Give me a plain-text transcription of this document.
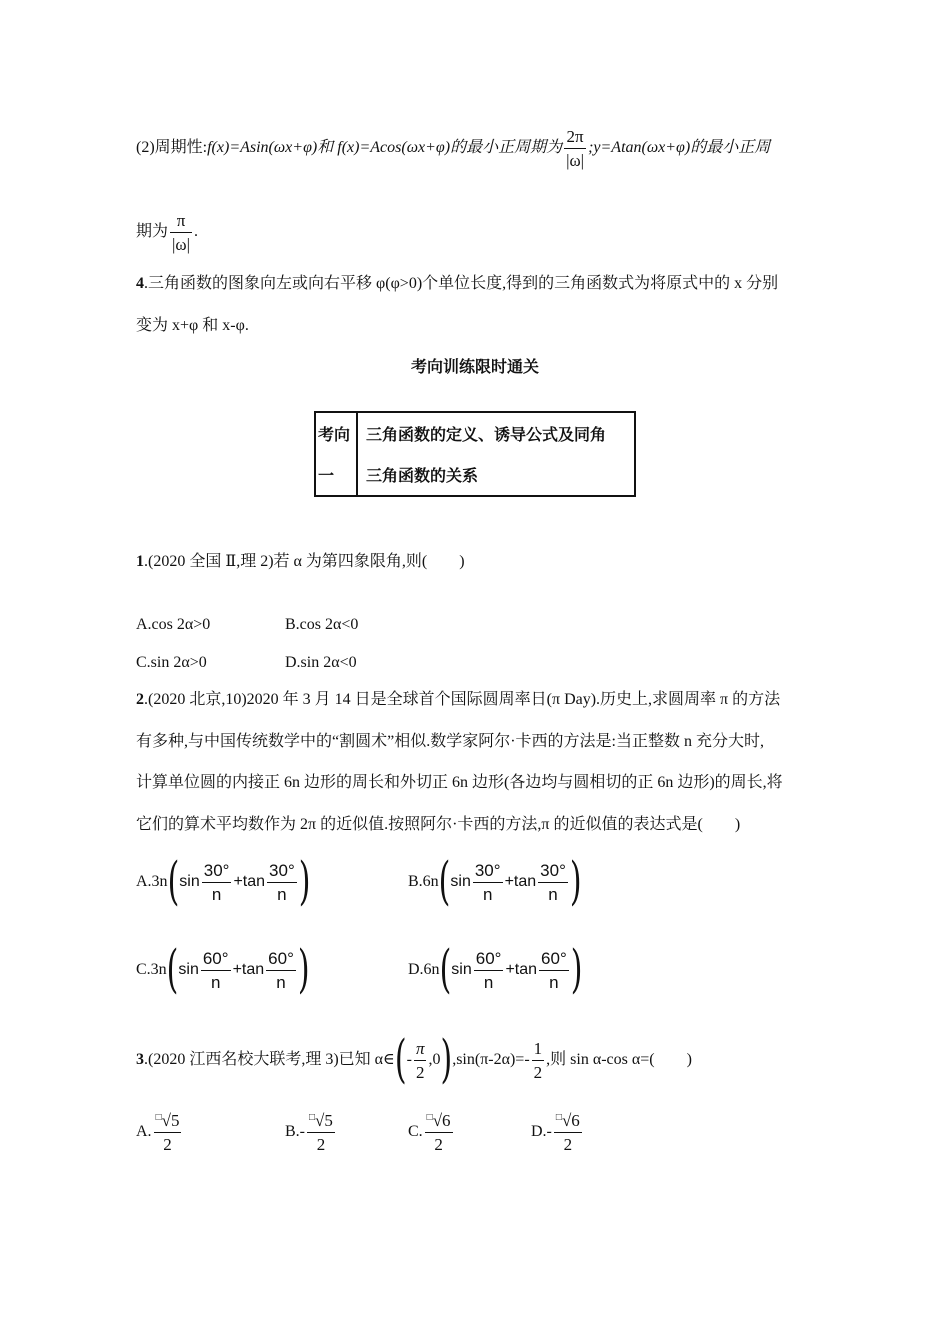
(2)周期性:f(x)=Asin(ωx+φ)和 f(x)=Acos(ωx+φ)的最小正周期为 $\frac{2\pi}{|\omega|}$ ;y=Atan(ωx+φ)的最小正周
期为 $\frac{\pi}{|\omega|}$ .
4.三角函数的图象向左或向右平移 φ(φ>0)个单位长度,得到的三角函数式为将原式中的 x 分别
变为 x+φ 和 x-φ.
考向训练限时通关
考向
一
三角函数的定义、诱导公式及同角
三角函数的关系
1.(2020 全国 Ⅱ,理 2)若 α 为第四象限角,则(　　)
A.cos 2α>0	B.cos 2α<0
C.sin 2α>0	D.sin 2α<0
2.(2020 北京,10)2020 年 3 月 14 日是全球首个国际圆周率日(π Day).历史上,求圆周率 π 的方法
有多种,与中国传统数学中的“割圆术”相似.数学家阿尔·卡西的方法是:当正整数 n 充分大时,
计算单位圆的内接正 6n 边形的周长和外切正 6n 边形(各边均与圆相切的正 6n 边形)的周长,将
它们的算术平均数作为 2π 的近似值.按照阿尔·卡西的方法,π 的近似值的表达式是(　　)
$A.3n(\sin \frac{30^\circ}{n} +\tan \frac{30^\circ}{n}$ )	$B.6n(\sin \frac{30^\circ}{n} +\tan \frac{30^\circ}{n}$ )
$C.3n(\sin \frac{60^\circ}{n} +\tan \frac{60^\circ}{n}$ )	$D.6n(\sin \frac{60^\circ}{n} +\tan \frac{60^\circ}{n}$ )
3.(2020 江西名校大联考,理 3)已知 α∈(- $\frac{\pi}{2} ,0),\sin(\pi-2\alpha)=- \frac{1}{2}$ ,则 sin α-cos α=(　　)
A. $\frac{^□√5}{2}$	$B.- \frac{^□√5}{2}$	C. $\frac{^□√6}{2}$	$D.- \frac{^□√6}{2}$
